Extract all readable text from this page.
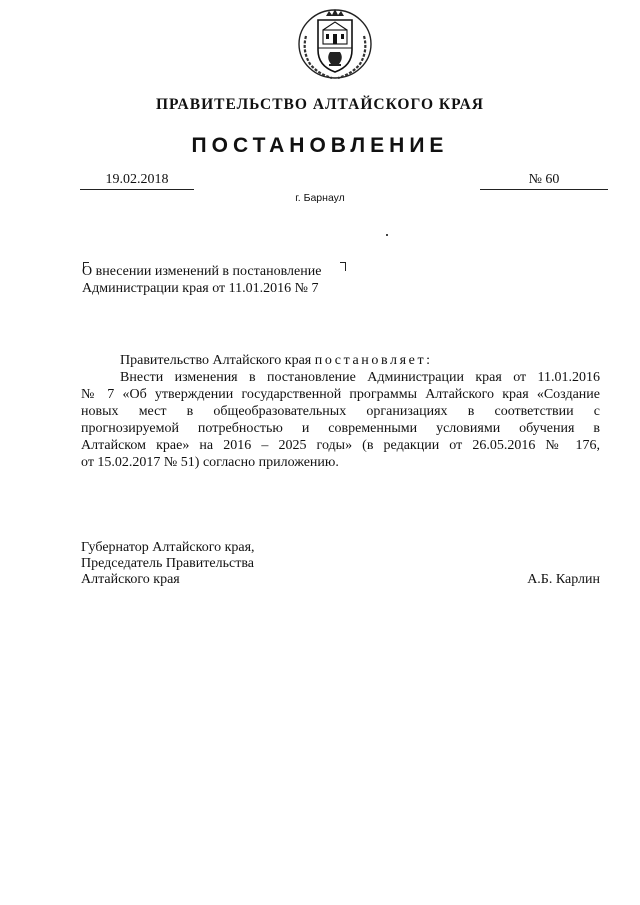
ПРАВИТЕЛЬСТВО АЛТАЙСКОГО КРАЯ
ПОСТАНОВЛЕНИЕ
19.02.2018	№ 60
г. Барнаул
О внесении изменений в постановление
Администрации края от 11.01.2016 № 7
Правительство Алтайского края постановляет:
Внести изменения в постановление Администрации края от 11.01.2016
№ 7 «Об утверждении государственной программы Алтайского края «Создание
новых мест в общеобразовательных организациях в соответствии с
прогнозируемой потребностью и современными условиями обучения в
Алтайском крае» на 2016 – 2025 годы» (в редакции от 26.05.2016 № 176,
от 15.02.2017 № 51) согласно приложению.
Губернатор Алтайского края,
Председатель Правительства
Алтайского края	А.Б. Карлин
